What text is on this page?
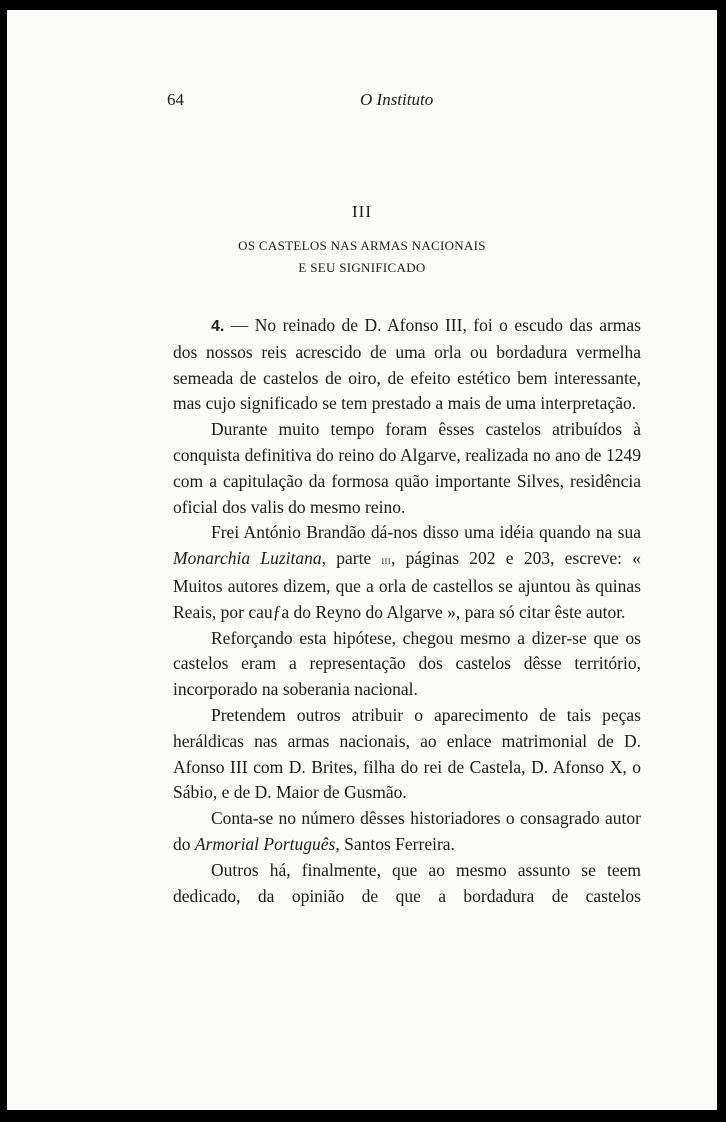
64	O Instituto
III
OS CASTELOS NAS ARMAS NACIONAIS
E SEU SIGNIFICADO

4. — No reinado de D. Afonso III, foi o escudo das armas dos nossos reis acrescido de uma orla ou bordadura vermelha semeada de castelos de oiro, de efeito estético bem interessante, mas cujo significado se tem prestado a mais de uma interpretação.

Durante muito tempo foram êsses castelos atribuídos à conquista definitiva do reino do Algarve, realizada no ano de 1249 com a capitulação da formosa quão importante Silves, residência oficial dos valis do mesmo reino.

Frei António Brandão dá-nos disso uma idéia quando na sua Monarchia Luzitana, parte iii, páginas 202 e 203, escreve: « Muitos autores dizem, que a orla de castellos se ajuntou às quinas Reais, por cauƒa do Reyno do Algarve », para só citar êste autor.

Reforçando esta hipótese, chegou mesmo a dizer-se que os castelos eram a representação dos castelos dêsse território, incorporado na soberania nacional.

Pretendem outros atribuir o aparecimento de tais peças heráldicas nas armas nacionais, ao enlace matrimonial de D. Afonso III com D. Brites, filha do rei de Castela, D. Afonso X, o Sábio, e de D. Maior de Gusmão.

Conta-se no número dêsses historiadores o consagrado autor do Armorial Português, Santos Ferreira.

Outros há, finalmente, que ao mesmo assunto se teem dedicado, da opinião de que a bordadura de castelos
